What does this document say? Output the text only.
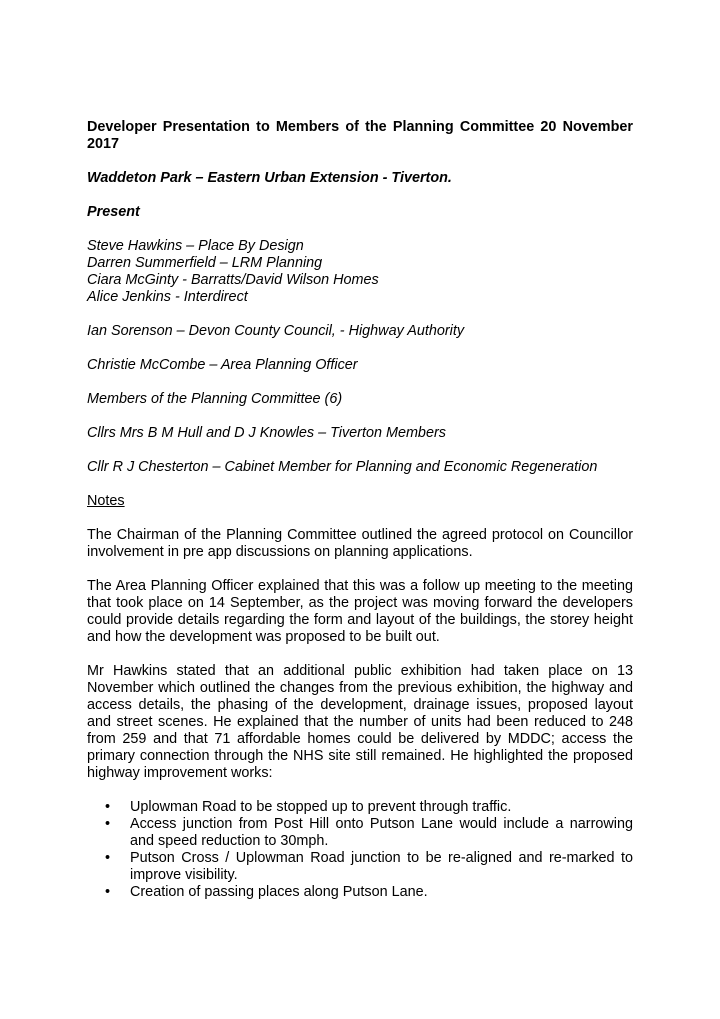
Developer Presentation to Members of the Planning Committee 20 November 2017

Waddeton Park – Eastern Urban Extension - Tiverton.

Present

Steve Hawkins – Place By Design

Darren Summerfield – LRM Planning

Ciara McGinty - Barratts/David Wilson Homes

Alice Jenkins - Interdirect

Ian Sorenson – Devon County Council, - Highway Authority

Christie McCombe – Area Planning Officer

Members of the Planning Committee (6)

Cllrs Mrs B M Hull and D J Knowles – Tiverton Members

Cllr R J Chesterton – Cabinet Member for Planning and Economic Regeneration

Notes

The Chairman of the Planning Committee outlined the agreed protocol on Councillor involvement in pre app discussions on planning applications.

The Area Planning Officer explained that this was a follow up meeting to the meeting that took place on 14 September, as the project was moving forward the developers could provide details regarding the form and layout of the buildings, the storey height and how the development was proposed to be built out.

Mr Hawkins stated that an additional public exhibition had taken place on 13 November which outlined the changes from the previous exhibition, the highway and access details, the phasing of the development, drainage issues, proposed layout and street scenes. He explained that the number of units had been reduced to 248 from 259 and that 71 affordable homes could be delivered by MDDC; access the primary connection through the NHS site still remained. He highlighted the proposed highway improvement works:

• Uplowman Road to be stopped up to prevent through traffic.
• Access junction from Post Hill onto Putson Lane would include a narrowing and speed reduction to 30mph.
• Putson Cross / Uplowman Road junction to be re-aligned and re-marked to improve visibility.
• Creation of passing places along Putson Lane.
